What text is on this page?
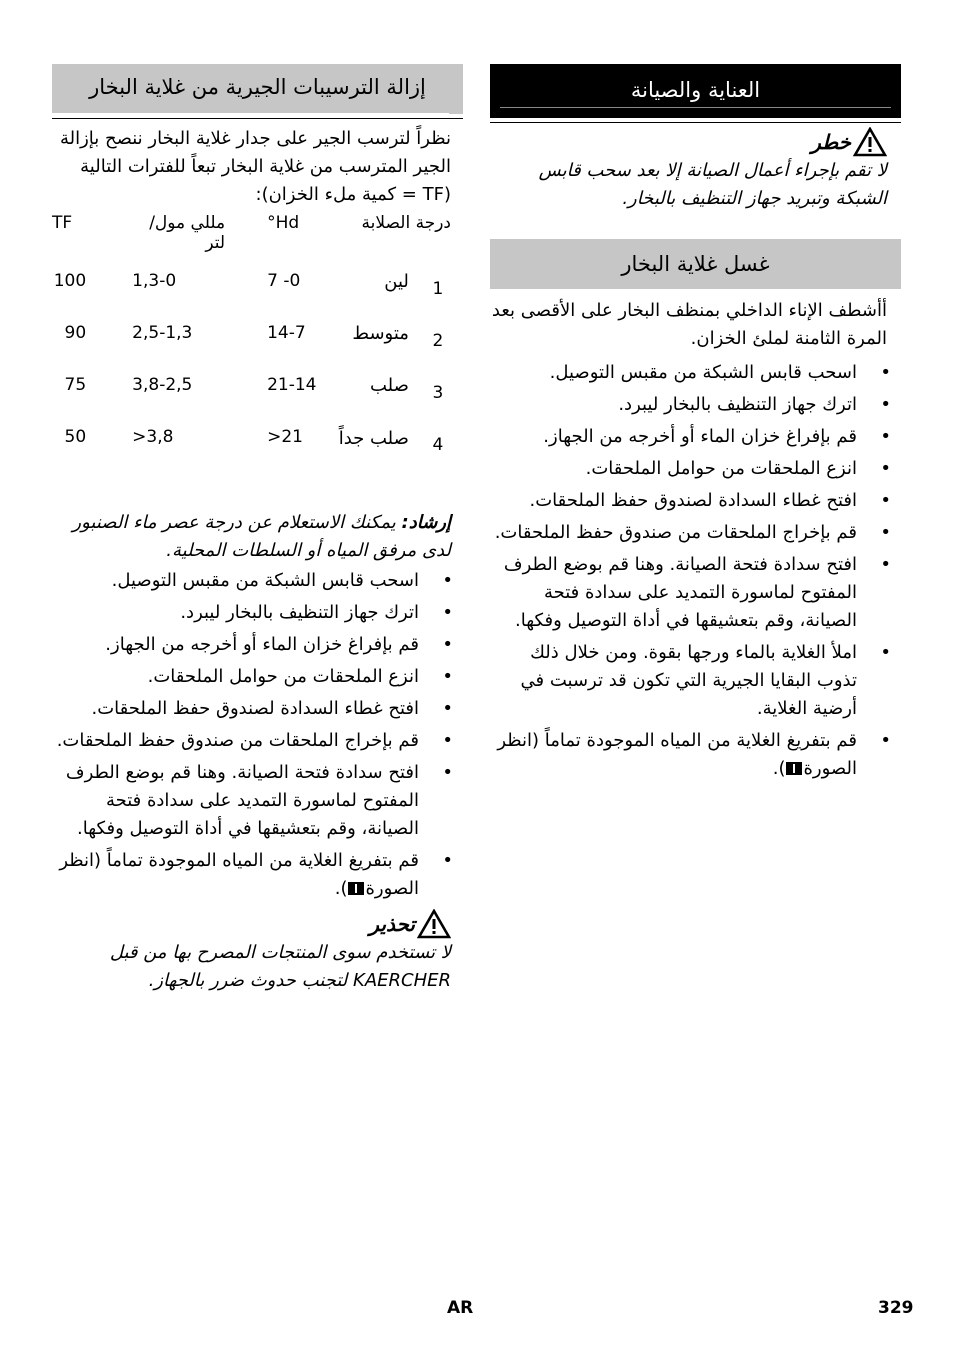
العناية والصيانة
خطر
لا تقم بإجراء أعمال الصيانة إلا بعد سحب قابس الشبكة وتبريد جهاز التنظيف بالبخار.
غسل غلاية البخار
أأشطف الإناء الداخلي بمنظف البخار على الأقصى بعد المرة الثامنة لملئ الخزان.
• اسحب قابس الشبكة من مقبس التوصيل.
• اترك جهاز التنظيف بالبخار ليبرد.
• قم بإفراغ خزان الماء أو أخرجه من الجهاز.
• انزع الملحقات من حوامل الملحقات.
• افتح غطاء السدادة لصندوق حفظ الملحقات.
• قم بإخراج الملحقات من صندوق حفظ الملحقات.
• افتح سدادة فتحة الصيانة. وهنا قم بوضع الطرف المفتوح لماسورة التمديد على سدادة فتحة الصيانة، وقم بتعشيقها في أداة التوصيل وفكها.
• املأ الغلاية بالماء ورجها بقوة. ومن خلال ذلك تذوب البقايا الجيرية التي تكون قد ترسبت في أرضية الغلاية.
• قم بتفريغ الغلاية من المياه الموجودة تماماً (انظر الصورة).
إزالة الترسيبات الجيرية من غلاية البخار
نظراً لترسب الجير على جدار غلاية البخار ننصح بإزالة الجير المترسب من غلاية البخار تبعاً للفترات التالية (TF = كمية ملء الخزان):
درجة الصلابة		°Hd	مللي مول/ لتر	TF
1	لين	0- 7	1,3-0	100
2	متوسط	14-7	2,5-1,3	90
3	صلب	21-14	3,8-2,5	75
4	صلب جداً	21<	3,8<	50
إرشاد: يمكنك الاستعلام عن درجة عصر ماء الصنبور لدى مرفق المياه أو السلطات المحلية.
• اسحب قابس الشبكة من مقبس التوصيل.
• اترك جهاز التنظيف بالبخار ليبرد.
• قم بإفراغ خزان الماء أو أخرجه من الجهاز.
• انزع الملحقات من حوامل الملحقات.
• افتح غطاء السدادة لصندوق حفظ الملحقات.
• قم بإخراج الملحقات من صندوق حفظ الملحقات.
• افتح سدادة فتحة الصيانة. وهنا قم بوضع الطرف المفتوح لماسورة التمديد على سدادة فتحة الصيانة، وقم بتعشيقها في أداة التوصيل وفكها.
• قم بتفريغ الغلاية من المياه الموجودة تماماً (انظر الصورة).
تحذير
لا تستخدم سوى المنتجات المصرح بها من قبل KAERCHER لتجنب حدوث ضرر بالجهاز.
AR	329
